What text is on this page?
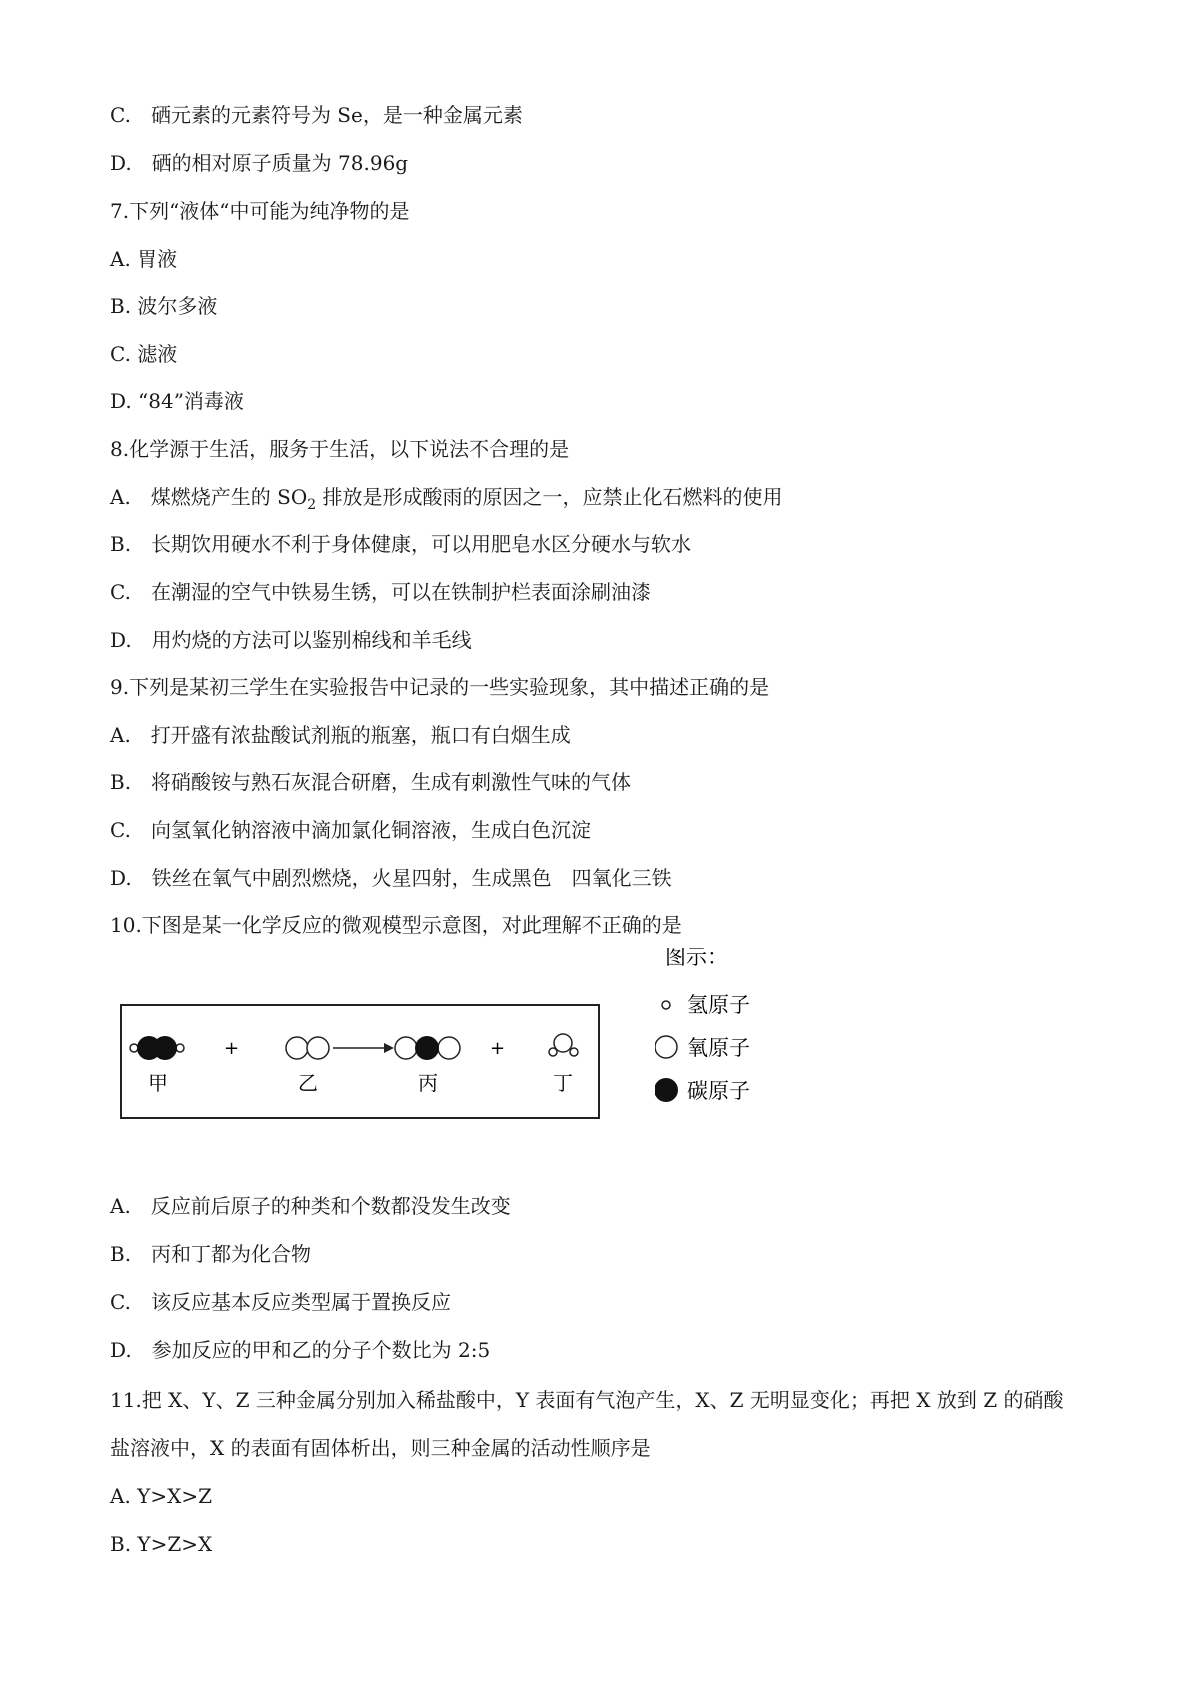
C.　硒元素的元素符号为 Se，是一种金属元素
D.　硒的相对原子质量为 78.96g
7.下列“液体“中可能为纯净物的是
A. 胃液
B. 波尔多液
C. 滤液
D. “84”消毒液
8.化学源于生活，服务于生活，以下说法不合理的是
A.　煤燃烧产生的 $SO_2$ 排放是形成酸雨的原因之一，应禁止化石燃料的使用
B.　长期饮用硬水不利于身体健康，可以用肥皂水区分硬水与软水
C.　在潮湿的空气中铁易生锈，可以在铁制护栏表面涂刷油漆
D.　用灼烧的方法可以鉴别棉线和羊毛线
9.下列是某初三学生在实验报告中记录的一些实验现象，其中描述正确的是
A.　打开盛有浓盐酸试剂瓶的瓶塞，瓶口有白烟生成
B.　将硝酸铵与熟石灰混合研磨，生成有刺激性气味的气体
C.　向氢氧化钠溶液中滴加氯化铜溶液，生成白色沉淀
D.　铁丝在氧气中剧烈燃烧，火星四射，生成黑色　四氧化三铁
10.下图是某一化学反应的微观模型示意图，对此理解不正确的是
+	+
甲	乙	丙	丁
图示：
氢原子
氧原子
碳原子
A.　反应前后原子的种类和个数都没发生改变
B.　丙和丁都为化合物
C.　该反应基本反应类型属于置换反应
D.　参加反应的甲和乙的分子个数比为 2:5
11.把 X、Y、Z 三种金属分别加入稀盐酸中，Y 表面有气泡产生，X、Z 无明显变化；再把 X 放到 Z 的硝酸
盐溶液中，X 的表面有固体析出，则三种金属的活动性顺序是
A. Y>X>Z
B. Y>Z>X
